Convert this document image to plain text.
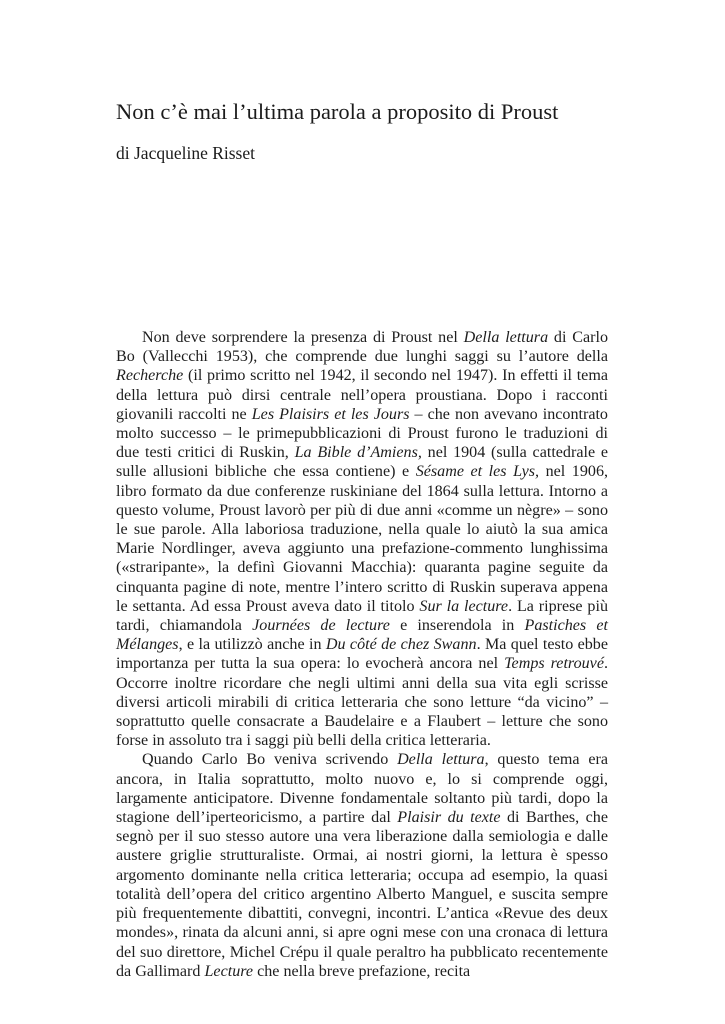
Non c’è mai l’ultima parola a proposito di Proust
di Jacqueline Risset

Non deve sorprendere la presenza di Proust nel Della lettura di Carlo Bo (Vallecchi 1953), che comprende due lunghi saggi su l’autore della Recherche (il primo scritto nel 1942, il secondo nel 1947). In effetti il tema della lettura può dirsi centrale nell’opera proustiana. Dopo i racconti giovanili raccolti ne Les Plaisirs et les Jours – che non avevano incontrato molto successo – le primepubblicazioni di Proust furono le traduzioni di due testi critici di Ruskin, La Bible d’Amiens, nel 1904 (sulla cattedrale e sulle allusioni bibliche che essa contiene) e Sésame et les Lys, nel 1906, libro formato da due conferenze ruskiniane del 1864 sulla lettura. Intorno a questo volume, Proust lavorò per più di due anni «comme un nègre» – sono le sue parole. Alla laboriosa traduzione, nella quale lo aiutò la sua amica Marie Nordlinger, aveva aggiunto una prefazione-commento lunghissima («straripante», la definì Giovanni Macchia): quaranta pagine seguite da cinquanta pagine di note, mentre l’intero scritto di Ruskin superava appena le settanta. Ad essa Proust aveva dato il titolo Sur la lecture. La riprese più tardi, chiamandola Journées de lecture e inserendola in Pastiches et Mélanges, e la utilizzò anche in Du côté de chez Swann. Ma quel testo ebbe importanza per tutta la sua opera: lo evocherà ancora nel Temps retrouvé. Occorre inoltre ricordare che negli ultimi anni della sua vita egli scrisse diversi articoli mirabili di critica letteraria che sono letture “da vicino” – soprattutto quelle consacrate a Baudelaire e a Flaubert – letture che sono forse in assoluto tra i saggi più belli della critica letteraria.

Quando Carlo Bo veniva scrivendo Della lettura, questo tema era ancora, in Italia soprattutto, molto nuovo e, lo si comprende oggi, largamente anticipatore. Divenne fondamentale soltanto più tardi, dopo la stagione dell’iperteoricismo, a partire dal Plaisir du texte di Barthes, che segnò per il suo stesso autore una vera liberazione dalla semiologia e dalle austere griglie strutturaliste. Ormai, ai nostri giorni, la lettura è spesso argomento dominante nella critica letteraria; occupa ad esempio, la quasi totalità dell’opera del critico argentino Alberto Manguel, e suscita sempre più frequentemente dibattiti, convegni, incontri. L’antica «Revue des deux mondes», rinata da alcuni anni, si apre ogni mese con una cronaca di lettura del suo direttore, Michel Crépu il quale peraltro ha pubblicato recentemente da Gallimard Lecture che nella breve prefazione, recita
